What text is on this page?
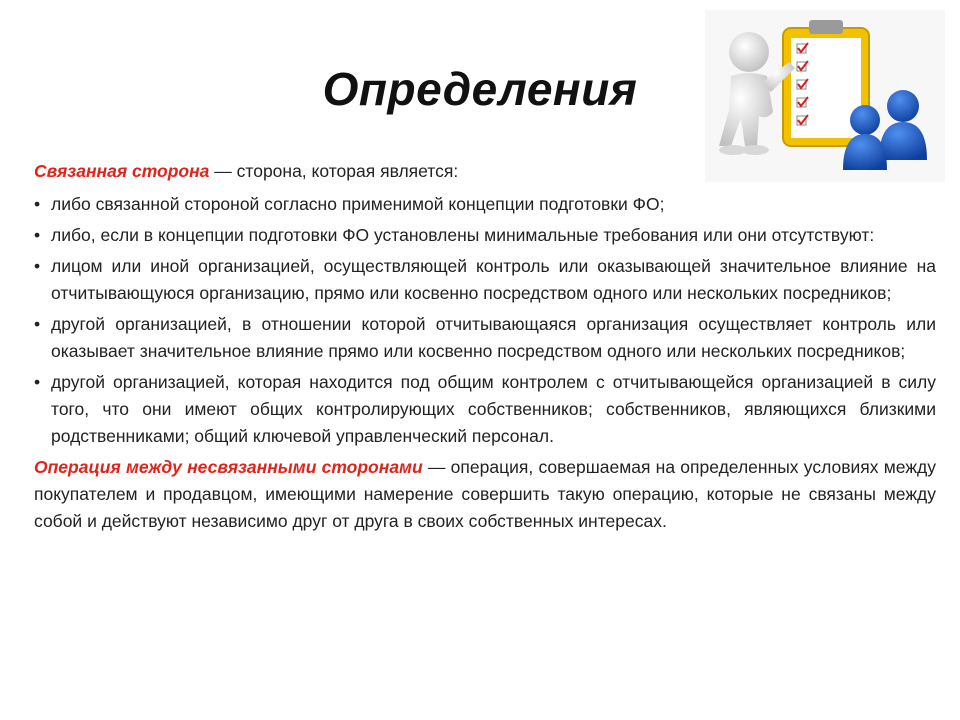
Определения

Связанная сторона — сторона, которая является:

• либо связанной стороной согласно применимой концепции подготовки ФО;
• либо, если в концепции подготовки ФО установлены минимальные требования или они отсутствуют:
• лицом или иной организацией, осуществляющей контроль или оказывающей значительное влияние на отчитывающуюся организацию, прямо или косвенно посредством одного или нескольких посредников;
• другой организацией, в отношении которой отчитывающаяся организация осуществляет контроль или оказывает значительное влияние прямо или косвенно посредством одного или нескольких посредников;
• другой организацией, которая находится под общим контролем с отчитывающейся организацией в силу того, что они имеют общих контролирующих собственников; собственников, являющихся близкими родственниками; общий ключевой управленческий персонал.

Операция между несвязанными сторонами — операция, совершаемая на определенных условиях между покупателем и продавцом, имеющими намерение совершить такую операцию, которые не связаны между собой и действуют независимо друг от друга в своих собственных интересах.
